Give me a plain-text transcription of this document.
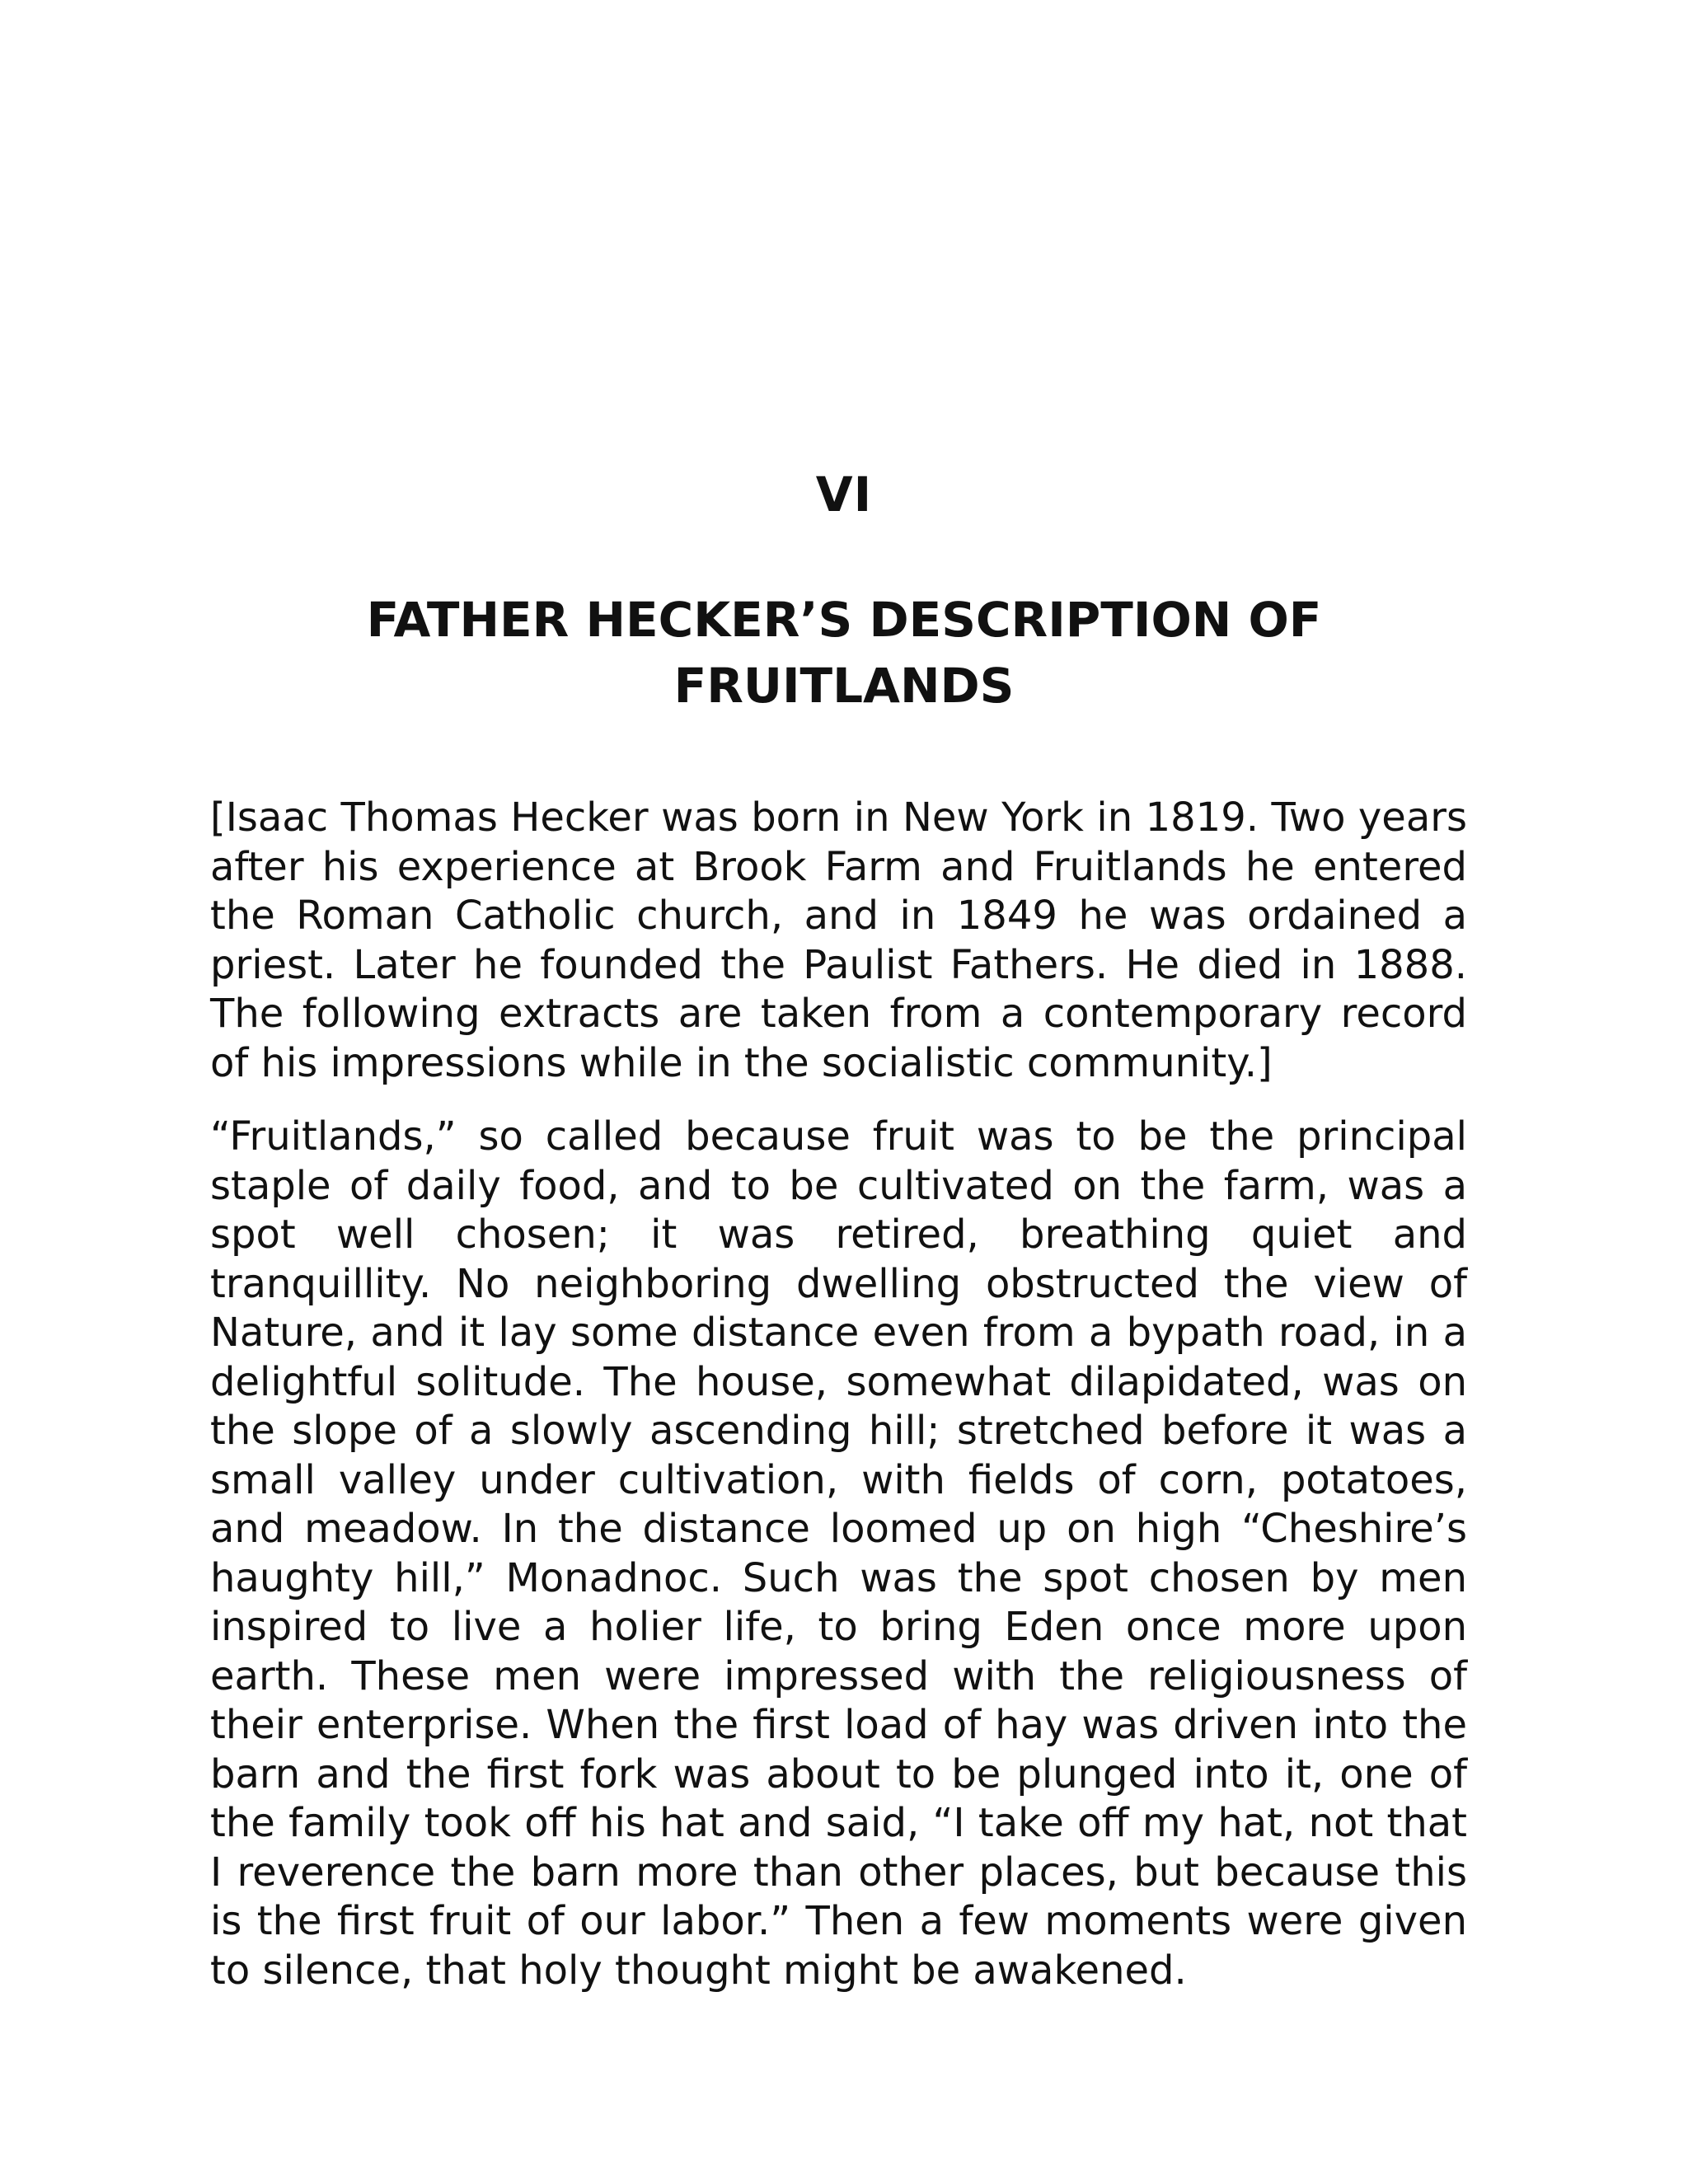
VI
FATHER HECKER’S DESCRIPTION OF FRUITLANDS

[Isaac Thomas Hecker was born in New York in 1819. Two years after his experience at Brook Farm and Fruitlands he entered the Roman Catholic church, and in 1849 he was ordained a priest. Later he founded the Paulist Fathers. He died in 1888. The following extracts are taken from a contemporary record of his impressions while in the socialistic community.]

“Fruitlands,” so called because fruit was to be the principal staple of daily food, and to be cultivated on the farm, was a spot well chosen; it was retired, breathing quiet and tranquillity. No neighboring dwelling obstructed the view of Nature, and it lay some distance even from a bypath road, in a delightful solitude. The house, somewhat dilapidated, was on the slope of a slowly ascending hill; stretched before it was a small valley under cultivation, with fields of corn, potatoes, and meadow. In the distance loomed up on high “Cheshire’s haughty hill,” Monadnoc. Such was the spot chosen by men inspired to live a holier life, to bring Eden once more upon earth. These men were impressed with the religiousness of their enterprise. When the first load of hay was driven into the barn and the first fork was about to be plunged into it, one of the family took off his hat and said, “I take off my hat, not that I reverence the barn more than other places, but because this is the first fruit of our labor.” Then a few moments were given to silence, that holy thought might be awakened.
